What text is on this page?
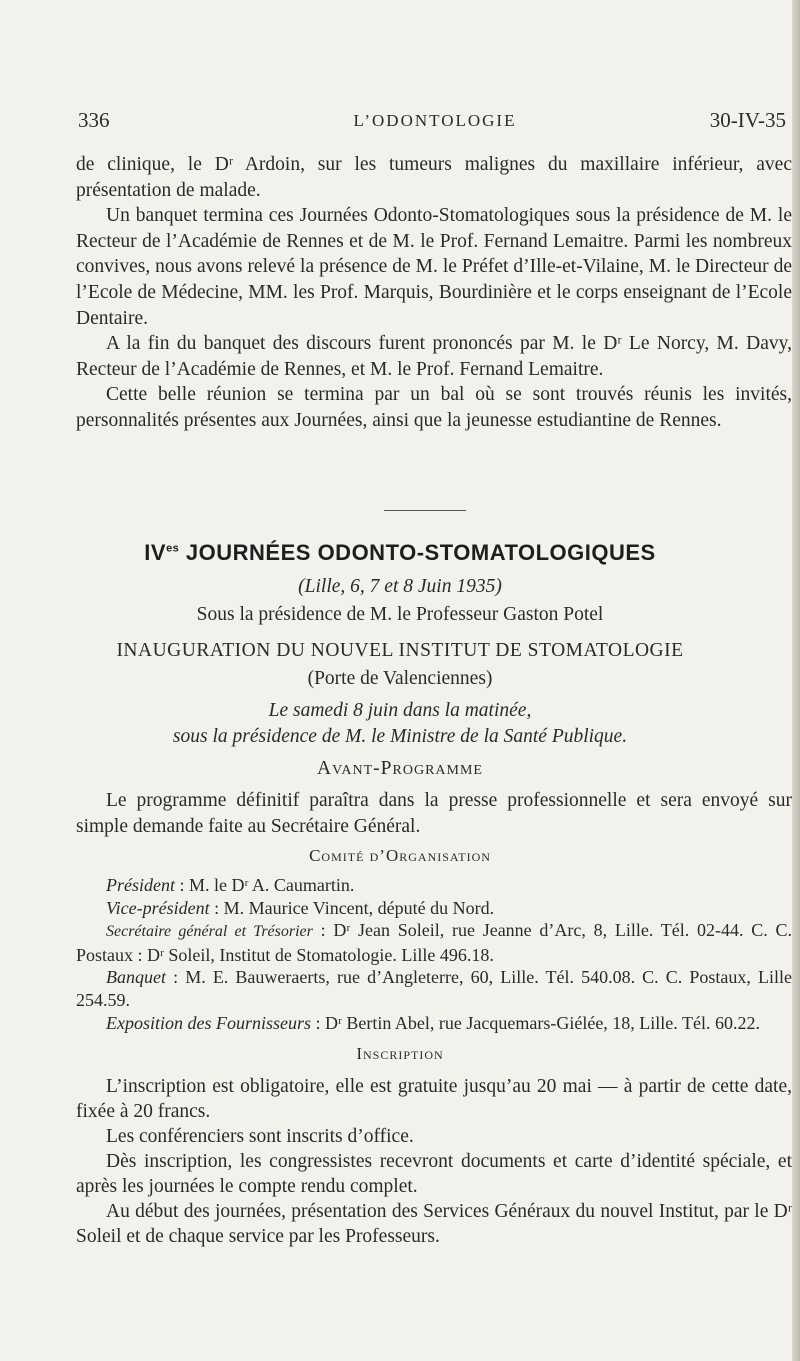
336	L’ODONTOLOGIE	30-IV-35

de clinique, le Dʳ Ardoin, sur les tumeurs malignes du maxillaire inférieur, avec présentation de malade.

Un banquet termina ces Journées Odonto-Stomatologiques sous la présidence de M. le Recteur de l’Académie de Rennes et de M. le Prof. Fernand Lemaitre. Parmi les nombreux convives, nous avons relevé la présence de M. le Préfet d’Ille-et-Vilaine, M. le Directeur de l’Ecole de Médecine, MM. les Prof. Marquis, Bourdinière et le corps enseignant de l’Ecole Dentaire.

A la fin du banquet des discours furent prononcés par M. le Dʳ Le Norcy, M. Davy, Recteur de l’Académie de Rennes, et M. le Prof. Fernand Lemaitre.

Cette belle réunion se termina par un bal où se sont trouvés réunis les invités, personnalités présentes aux Journées, ainsi que la jeunesse estudiantine de Rennes.

$IV^{es}$ JOURNÉES ODONTO-STOMATOLOGIQUES
(Lille, 6, 7 et 8 Juin 1935)
Sous la présidence de M. le Professeur Gaston Potel
INAUGURATION DU NOUVEL INSTITUT DE STOMATOLOGIE
(Porte de Valenciennes)
Le samedi 8 juin dans la matinée,
sous la présidence de M. le Ministre de la Santé Publique.
Avant-Programme

Le programme définitif paraîtra dans la presse professionnelle et sera envoyé sur simple demande faite au Secrétaire Général.

Comité d’Organisation

Président : M. le Dʳ A. Caumartin.

Vice-président : M. Maurice Vincent, député du Nord.

Secrétaire général et Trésorier : Dʳ Jean Soleil, rue Jeanne d’Arc, 8, Lille. Tél. 02-44. C. C. Postaux : Dʳ Soleil, Institut de Stomatologie. Lille 496.18.

Banquet : M. E. Bauweraerts, rue d’Angleterre, 60, Lille. Tél. 540.08. C. C. Postaux, Lille 254.59.

Exposition des Fournisseurs : Dʳ Bertin Abel, rue Jacquemars-Giélée, 18, Lille. Tél. 60.22.

Inscription

L’inscription est obligatoire, elle est gratuite jusqu’au 20 mai — à partir de cette date, fixée à 20 francs.

Les conférenciers sont inscrits d’office.

Dès inscription, les congressistes recevront documents et carte d’identité spéciale, et après les journées le compte rendu complet.

Au début des journées, présentation des Services Généraux du nouvel Institut, par le Dʳ Soleil et de chaque service par les Professeurs.
